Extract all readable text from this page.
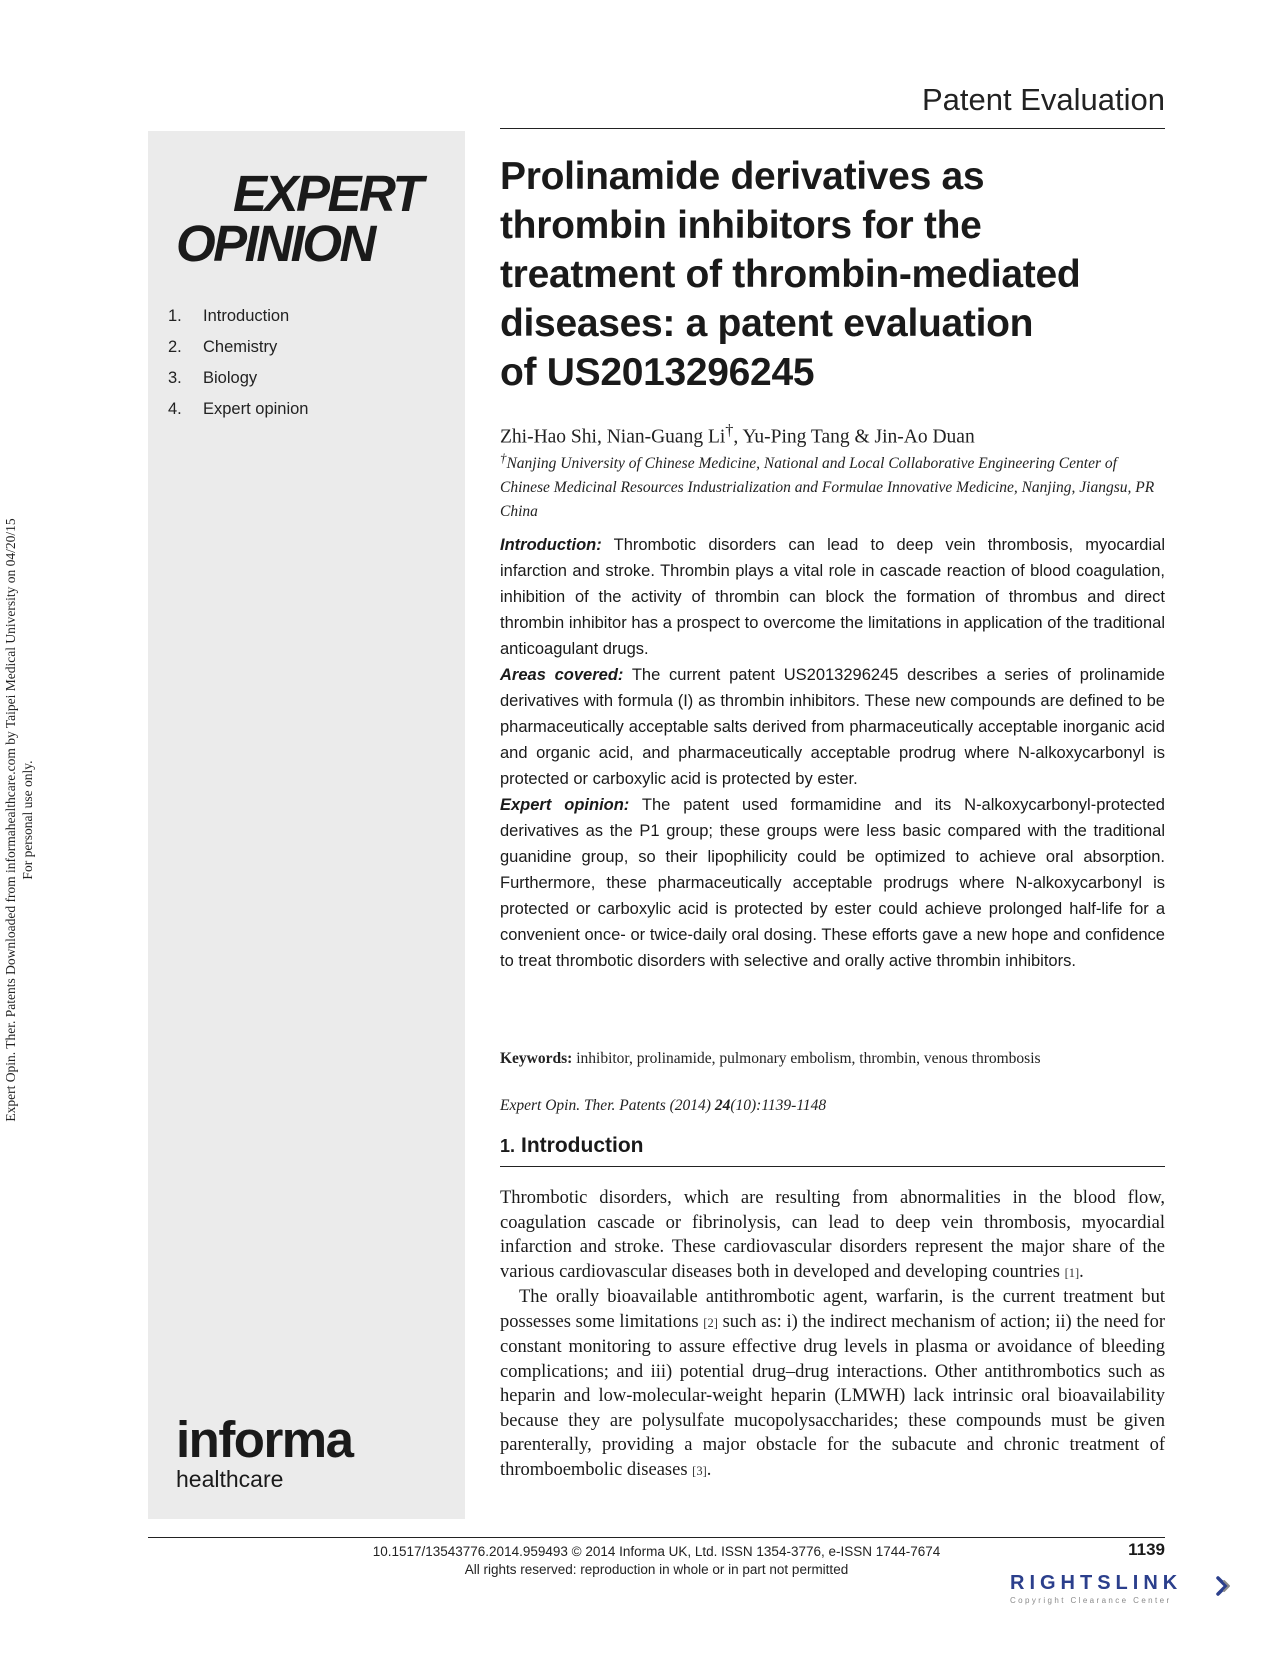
Expert Opin. Ther. Patents Downloaded from informahealthcare.com by Taipei Medical University on 04/20/15 For personal use only.
EXPERT
OPINION
1.	Introduction
2.	Chemistry
3.	Biology
4.	Expert opinion
informa
healthcare
Patent Evaluation
Prolinamide derivatives as
thrombin inhibitors for the
treatment of thrombin-mediated
diseases: a patent evaluation
of US2013296245
Zhi-Hao Shi, Nian-Guang Li†, Yu-Ping Tang & Jin-Ao Duan
†Nanjing University of Chinese Medicine, National and Local Collaborative Engineering Center of Chinese Medicinal Resources Industrialization and Formulae Innovative Medicine, Nanjing, Jiangsu, PR China

Introduction: Thrombotic disorders can lead to deep vein thrombosis, myocardial infarction and stroke. Thrombin plays a vital role in cascade reaction of blood coagulation, inhibition of the activity of thrombin can block the formation of thrombus and direct thrombin inhibitor has a prospect to overcome the limitations in application of the traditional anticoagulant drugs.

Areas covered: The current patent US2013296245 describes a series of prolinamide derivatives with formula (I) as thrombin inhibitors. These new compounds are defined to be pharmaceutically acceptable salts derived from pharmaceutically acceptable inorganic acid and organic acid, and pharmaceutically acceptable prodrug where N-alkoxycarbonyl is protected or carboxylic acid is protected by ester.

Expert opinion: The patent used formamidine and its N-alkoxycarbonyl-protected derivatives as the P1 group; these groups were less basic compared with the traditional guanidine group, so their lipophilicity could be optimized to achieve oral absorption. Furthermore, these pharmaceutically acceptable prodrugs where N-alkoxycarbonyl is protected or carboxylic acid is protected by ester could achieve prolonged half-life for a convenient once- or twice-daily oral dosing. These efforts gave a new hope and confidence to treat thrombotic disorders with selective and orally active thrombin inhibitors.

Keywords: inhibitor, prolinamide, pulmonary embolism, thrombin, venous thrombosis
Expert Opin. Ther. Patents (2014) 24(10):1139-1148
1. Introduction

Thrombotic disorders, which are resulting from abnormalities in the blood flow, coagulation cascade or fibrinolysis, can lead to deep vein thrombosis, myocardial infarction and stroke. These cardiovascular disorders represent the major share of the various cardiovascular diseases both in developed and developing countries [1].

The orally bioavailable antithrombotic agent, warfarin, is the current treatment but possesses some limitations [2] such as: i) the indirect mechanism of action; ii) the need for constant monitoring to assure effective drug levels in plasma or avoidance of bleeding complications; and iii) potential drug–drug interactions. Other antithrombotics such as heparin and low-molecular-weight heparin (LMWH) lack intrinsic oral bioavailability because they are polysulfate mucopolysaccharides; these compounds must be given parenterally, providing a major obstacle for the subacute and chronic treatment of thromboembolic diseases [3].

10.1517/13543776.2014.959493 © 2014 Informa UK, Ltd. ISSN 1354-3776, e-ISSN 1744-7674
All rights reserved: reproduction in whole or in part not permitted
1139
RIGHTSLINK
Copyright Clearance Center
